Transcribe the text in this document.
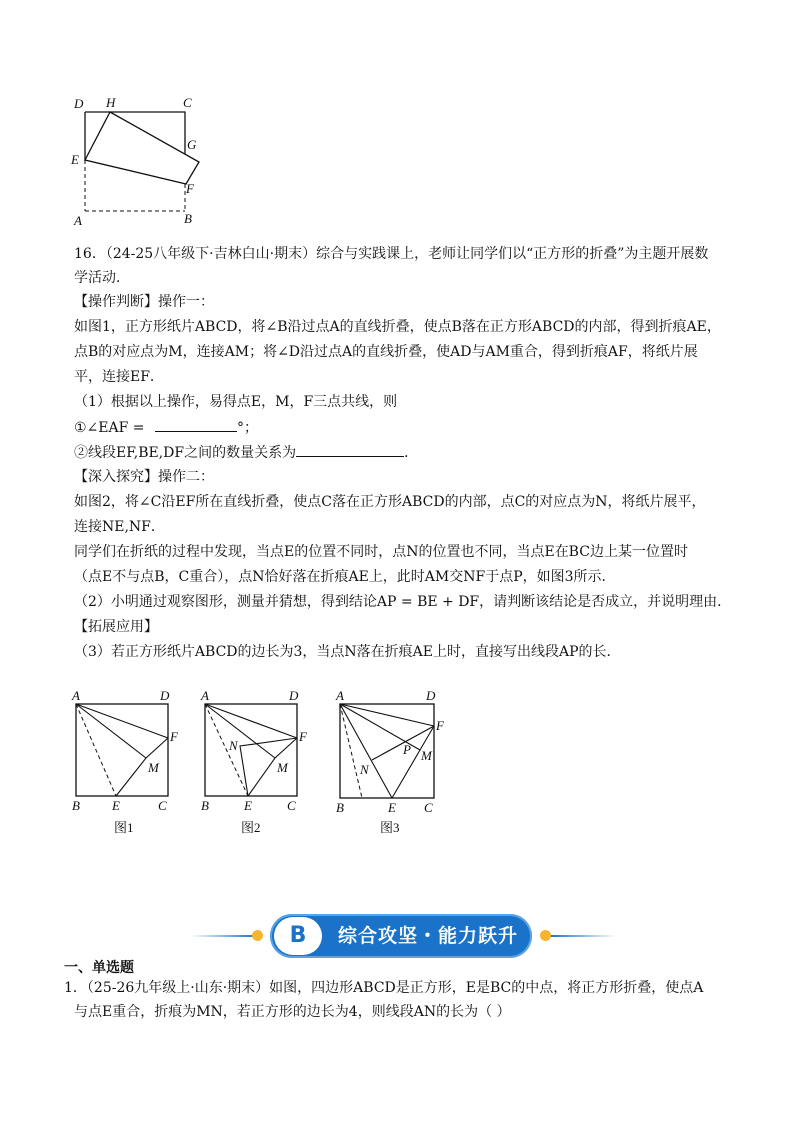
D H	C
G
E
F
A	B
16．（24-25八年级下·吉林白山·期末）综合与实践课上，老师让同学们以“正方形的折叠”为主题开展数
学活动．
【操作判断】操作一：
如图1，正方形纸片ABCD，将∠B沿过点A的直线折叠，使点B落在正方形ABCD的内部，得到折痕AE，
点B的对应点为M，连接AM；将∠D沿过点A的直线折叠，使AD与AM重合，得到折痕AF，将纸片展
平，连接EF．
（1）根据以上操作，易得点E，M，F三点共线，则
①∠EAF =	°；
②线段EF,BE,DF之间的数量关系为	．
【深入探究】操作二：
如图2，将∠C沿EF所在直线折叠，使点C落在正方形ABCD的内部，点C的对应点为N，将纸片展平，
连接NE,NF．
同学们在折纸的过程中发现，当点E的位置不同时，点N的位置也不同，当点E在BC边上某一位置时
（点E不与点B，C重合），点N恰好落在折痕AE上，此时AM交NF于点P，如图3所示．
（2）小明通过观察图形，测量并猜想，得到结论AP = BE + DF，请判断该结论是否成立，并说明理由．
【拓展应用】
（3）若正方形纸片ABCD的边长为3，当点N落在折痕AE上时，直接写出线段AP的长．
A	D
F
M
B E	C
图1
A	D
F
N
M
B	E	C
图2
A	D
F
P M
N
B	E C
图3
B	综合攻坚・能力跃升
一、单选题
1．（25-26九年级上·山东·期末）如图，四边形ABCD是正方形，E是BC的中点，将正方形折叠，使点A
与点E重合，折痕为MN，若正方形的边长为4，则线段AN的长为（ ）
